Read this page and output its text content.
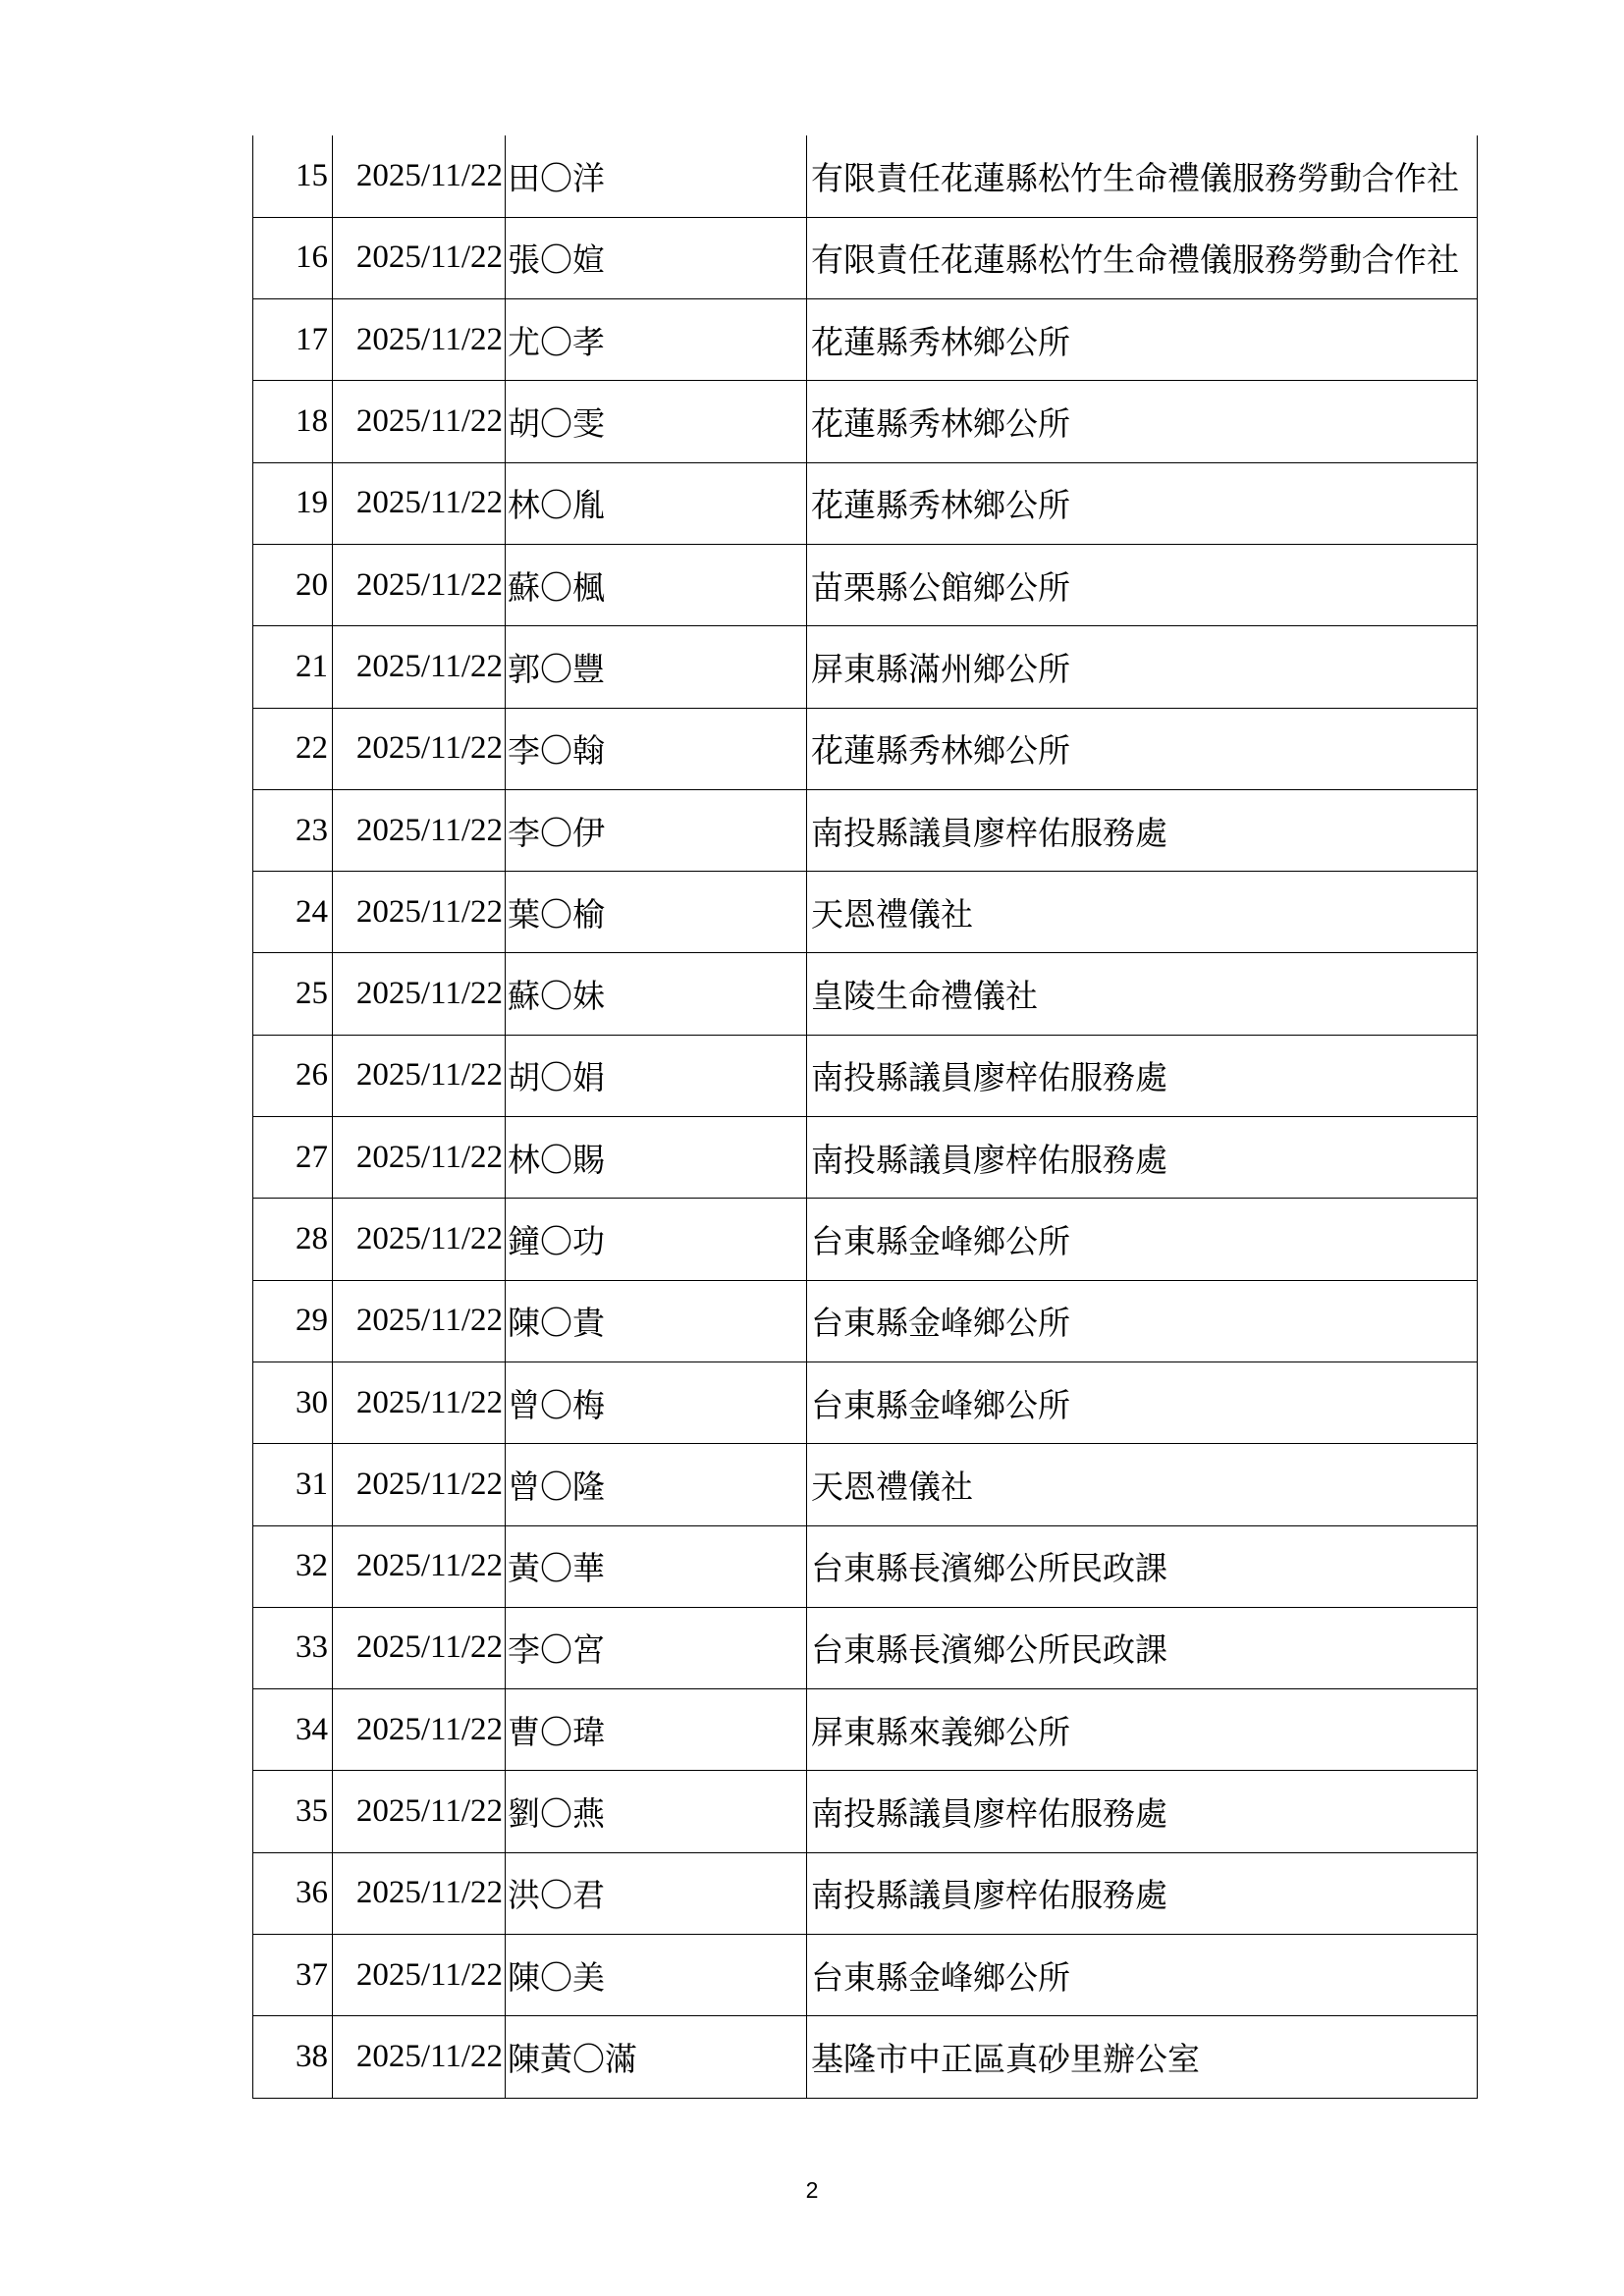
15	2025/11/22	田〇洋	有限責任花蓮縣松竹生命禮儀服務勞動合作社
16	2025/11/22	張〇媗	有限責任花蓮縣松竹生命禮儀服務勞動合作社
17	2025/11/22	尤〇孝	花蓮縣秀林鄉公所
18	2025/11/22	胡〇雯	花蓮縣秀林鄉公所
19	2025/11/22	林〇胤	花蓮縣秀林鄉公所
20	2025/11/22	蘇〇楓	苗栗縣公館鄉公所
21	2025/11/22	郭〇豐	屏東縣滿州鄉公所
22	2025/11/22	李〇翰	花蓮縣秀林鄉公所
23	2025/11/22	李〇伊	南投縣議員廖梓佑服務處
24	2025/11/22	葉〇榆	天恩禮儀社
25	2025/11/22	蘇〇妹	皇陵生命禮儀社
26	2025/11/22	胡〇娟	南投縣議員廖梓佑服務處
27	2025/11/22	林〇賜	南投縣議員廖梓佑服務處
28	2025/11/22	鐘〇功	台東縣金峰鄉公所
29	2025/11/22	陳〇貴	台東縣金峰鄉公所
30	2025/11/22	曾〇梅	台東縣金峰鄉公所
31	2025/11/22	曾〇隆	天恩禮儀社
32	2025/11/22	黃〇華	台東縣長濱鄉公所民政課
33	2025/11/22	李〇宮	台東縣長濱鄉公所民政課
34	2025/11/22	曹〇瑋	屏東縣來義鄉公所
35	2025/11/22	劉〇燕	南投縣議員廖梓佑服務處
36	2025/11/22	洪〇君	南投縣議員廖梓佑服務處
37	2025/11/22	陳〇美	台東縣金峰鄉公所
38	2025/11/22	陳黃〇滿	基隆市中正區真砂里辦公室
2
